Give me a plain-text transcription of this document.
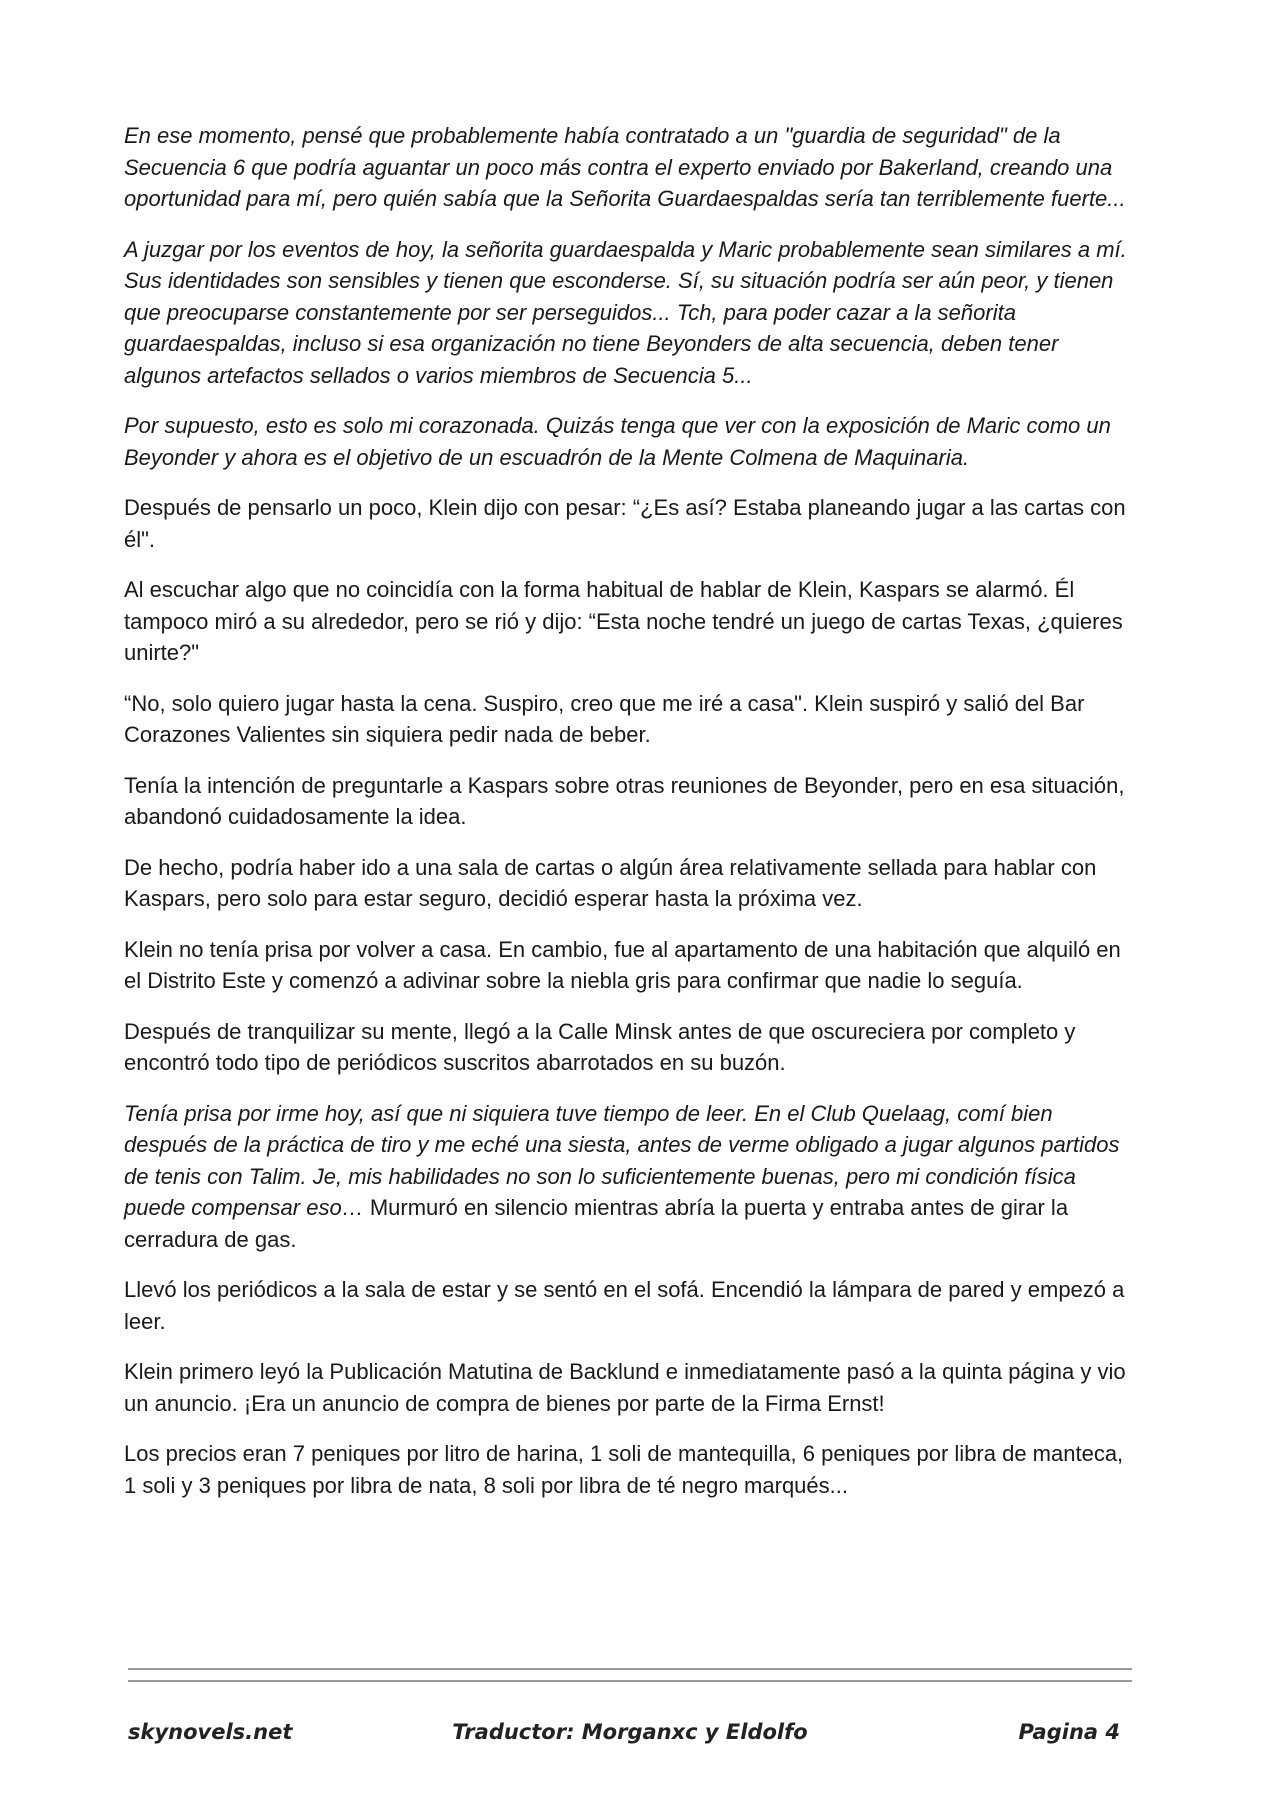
En ese momento, pensé que probablemente había contratado a un "guardia de seguridad" de la Secuencia 6 que podría aguantar un poco más contra el experto enviado por Bakerland, creando una oportunidad para mí, pero quién sabía que la Señorita Guardaespaldas sería tan terriblemente fuerte...

A juzgar por los eventos de hoy, la señorita guardaespalda y Maric probablemente sean similares a mí. Sus identidades son sensibles y tienen que esconderse. Sí, su situación podría ser aún peor, y tienen que preocuparse constantemente por ser perseguidos... Tch, para poder cazar a la señorita guardaespaldas, incluso si esa organización no tiene Beyonders de alta secuencia, deben tener algunos artefactos sellados o varios miembros de Secuencia 5...

Por supuesto, esto es solo mi corazonada. Quizás tenga que ver con la exposición de Maric como un Beyonder y ahora es el objetivo de un escuadrón de la Mente Colmena de Maquinaria.

Después de pensarlo un poco, Klein dijo con pesar: “¿Es así? Estaba planeando jugar a las cartas con él".

Al escuchar algo que no coincidía con la forma habitual de hablar de Klein, Kaspars se alarmó. Él tampoco miró a su alrededor, pero se rió y dijo: “Esta noche tendré un juego de cartas Texas, ¿quieres unirte?"

“No, solo quiero jugar hasta la cena. Suspiro, creo que me iré a casa". Klein suspiró y salió del Bar Corazones Valientes sin siquiera pedir nada de beber.

Tenía la intención de preguntarle a Kaspars sobre otras reuniones de Beyonder, pero en esa situación, abandonó cuidadosamente la idea.

De hecho, podría haber ido a una sala de cartas o algún área relativamente sellada para hablar con Kaspars, pero solo para estar seguro, decidió esperar hasta la próxima vez.

Klein no tenía prisa por volver a casa. En cambio, fue al apartamento de una habitación que alquiló en el Distrito Este y comenzó a adivinar sobre la niebla gris para confirmar que nadie lo seguía.

Después de tranquilizar su mente, llegó a la Calle Minsk antes de que oscureciera por completo y encontró todo tipo de periódicos suscritos abarrotados en su buzón.

Tenía prisa por irme hoy, así que ni siquiera tuve tiempo de leer. En el Club Quelaag, comí bien después de la práctica de tiro y me eché una siesta, antes de verme obligado a jugar algunos partidos de tenis con Talim. Je, mis habilidades no son lo suficientemente buenas, pero mi condición física puede compensar eso… Murmuró en silencio mientras abría la puerta y entraba antes de girar la cerradura de gas.

Llevó los periódicos a la sala de estar y se sentó en el sofá. Encendió la lámpara de pared y empezó a leer.

Klein primero leyó la Publicación Matutina de Backlund e inmediatamente pasó a la quinta página y vio un anuncio. ¡Era un anuncio de compra de bienes por parte de la Firma Ernst!

Los precios eran 7 peniques por litro de harina, 1 soli de mantequilla, 6 peniques por libra de manteca, 1 soli y 3 peniques por libra de nata, 8 soli por libra de té negro marqués...

skynovels.net	Traductor: Morganxc y Eldolfo	Pagina 4
